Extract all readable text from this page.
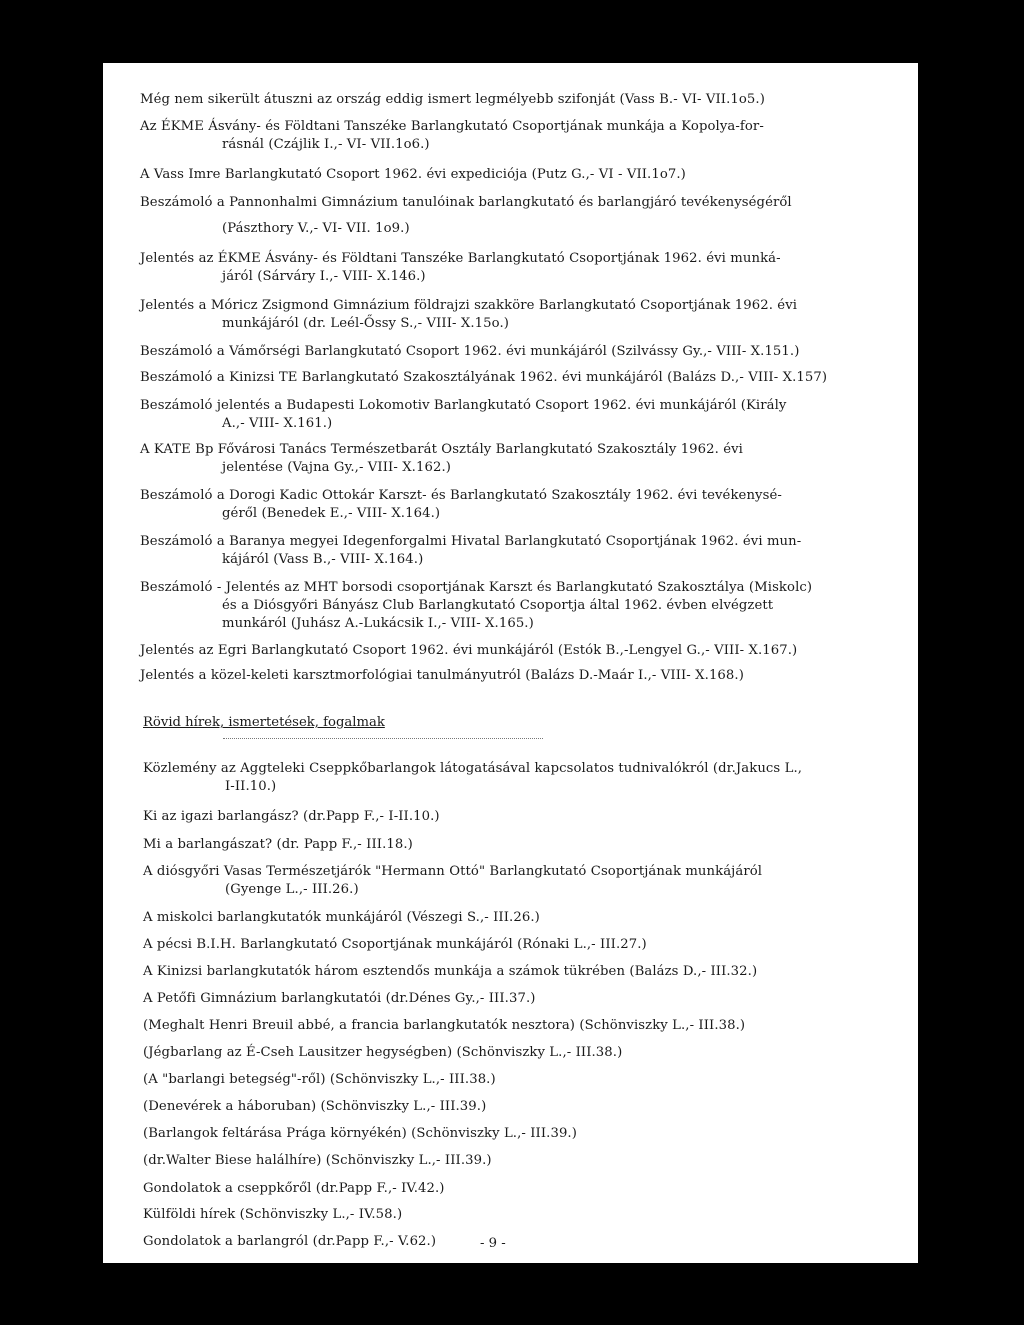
Még nem sikerült átuszni az ország eddig ismert legmélyebb szifonját (Vass B.- VI- VII.1o5.)
Az ÉKME Ásvány- és Földtani Tanszéke Barlangkutató Csoportjának munkája a Kopolya-for-
rásnál (Czájlik I.,- VI- VII.1o6.)
A Vass Imre Barlangkutató Csoport 1962. évi expediciója (Putz G.,- VI - VII.1o7.)
Beszámoló a Pannonhalmi Gimnázium tanulóinak barlangkutató és barlangjáró tevékenységéről
(Pászthory V.,- VI- VII. 1o9.)
Jelentés az ÉKME Ásvány- és Földtani Tanszéke Barlangkutató Csoportjának 1962. évi munká-
járól (Sárváry I.,- VIII- X.146.)
Jelentés a Móricz Zsigmond Gimnázium földrajzi szakköre Barlangkutató Csoportjának 1962. évi
munkájáról (dr. Leél-Őssy S.,- VIII- X.15o.)
Beszámoló a Vámőrségi Barlangkutató Csoport 1962. évi munkájáról (Szilvássy Gy.,- VIII- X.151.)
Beszámoló a Kinizsi TE Barlangkutató Szakosztályának 1962. évi munkájáról (Balázs D.,- VIII- X.157)
Beszámoló jelentés a Budapesti Lokomotiv Barlangkutató Csoport 1962. évi munkájáról (Király
A.,- VIII- X.161.)
A KATE Bp Fővárosi Tanács Természetbarát Osztály Barlangkutató Szakosztály 1962. évi
jelentése (Vajna Gy.,- VIII- X.162.)
Beszámoló a Dorogi Kadic Ottokár Karszt- és Barlangkutató Szakosztály 1962. évi tevékenysé-
géről (Benedek E.,- VIII- X.164.)
Beszámoló a Baranya megyei Idegenforgalmi Hivatal Barlangkutató Csoportjának 1962. évi mun-
kájáról (Vass B.,- VIII- X.164.)
Beszámoló - Jelentés az MHT borsodi csoportjának Karszt és Barlangkutató Szakosztálya (Miskolc)
és a Diósgyőri Bányász Club Barlangkutató Csoportja által 1962. évben elvégzett
munkáról (Juhász A.-Lukácsik I.,- VIII- X.165.)
Jelentés az Egri Barlangkutató Csoport 1962. évi munkájáról (Estók B.,-Lengyel G.,- VIII- X.167.)
Jelentés a közel-keleti karsztmorfológiai tanulmányutról (Balázs D.-Maár I.,- VIII- X.168.)
Rövid hírek, ismertetések, fogalmak
Közlemény az Aggteleki Cseppkőbarlangok látogatásával kapcsolatos tudnivalókról (dr.Jakucs L.,
I-II.10.)
Ki az igazi barlangász? (dr.Papp F.,- I-II.10.)
Mi a barlangászat? (dr. Papp F.,- III.18.)
A diósgyőri Vasas Természetjárók "Hermann Ottó" Barlangkutató Csoportjának munkájáról
(Gyenge L.,- III.26.)
A miskolci barlangkutatók munkájáról (Vészegi S.,- III.26.)
A pécsi B.I.H. Barlangkutató Csoportjának munkájáról (Rónaki L.,- III.27.)
A Kinizsi barlangkutatók három esztendős munkája a számok tükrében (Balázs D.,- III.32.)
A Petőfi Gimnázium barlangkutatói (dr.Dénes Gy.,- III.37.)
(Meghalt Henri Breuil abbé, a francia barlangkutatók nesztora) (Schönviszky L.,- III.38.)
(Jégbarlang az É-Cseh Lausitzer hegységben) (Schönviszky L.,- III.38.)
(A "barlangi betegség"-ről) (Schönviszky L.,- III.38.)
(Denevérek a háboruban) (Schönviszky L.,- III.39.)
(Barlangok feltárása Prága környékén) (Schönviszky L.,- III.39.)
(dr.Walter Biese halálhíre) (Schönviszky L.,- III.39.)
Gondolatok a cseppkőről (dr.Papp F.,- IV.42.)
Külföldi hírek (Schönviszky L.,- IV.58.)
Gondolatok a barlangról (dr.Papp F.,- V.62.)	- 9 -
